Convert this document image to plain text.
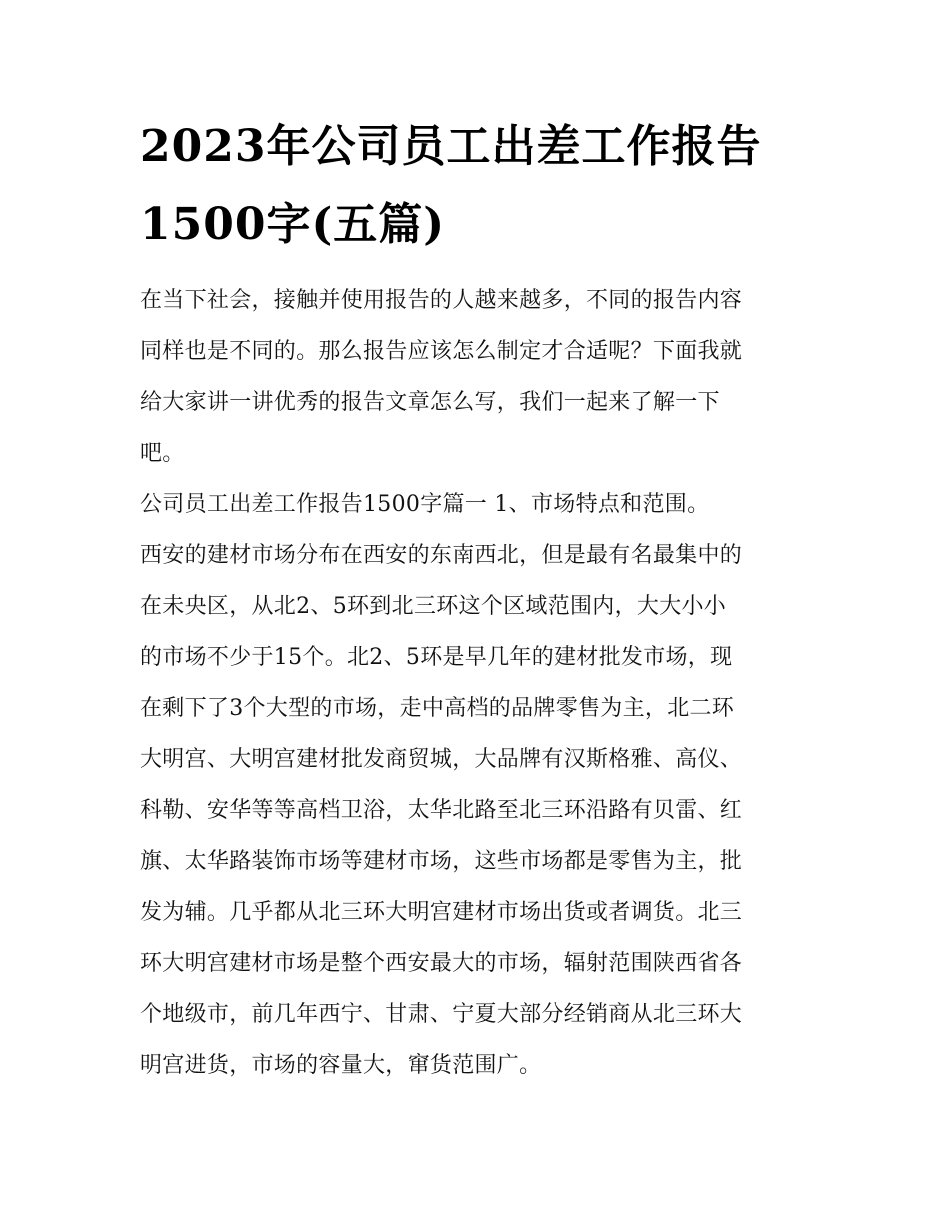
2023年公司员工出差工作报告
1500字(五篇)
在当下社会，接触并使用报告的人越来越多，不同的报告内容
同样也是不同的。那么报告应该怎么制定才合适呢？下面我就
给大家讲一讲优秀的报告文章怎么写，我们一起来了解一下
吧。
公司员工出差工作报告1500字篇一 1、市场特点和范围。
西安的建材市场分布在西安的东南西北，但是最有名最集中的
在未央区，从北2、5环到北三环这个区域范围内，大大小小
的市场不少于15个。北2、5环是早几年的建材批发市场，现
在剩下了3个大型的市场，走中高档的品牌零售为主，北二环
大明宫、大明宫建材批发商贸城，大品牌有汉斯格雅、高仪、
科勒、安华等等高档卫浴，太华北路至北三环沿路有贝雷、红
旗、太华路装饰市场等建材市场，这些市场都是零售为主，批
发为辅。几乎都从北三环大明宫建材市场出货或者调货。北三
环大明宫建材市场是整个西安最大的市场，辐射范围陕西省各
个地级市，前几年西宁、甘肃、宁夏大部分经销商从北三环大
明宫进货，市场的容量大，窜货范围广。
